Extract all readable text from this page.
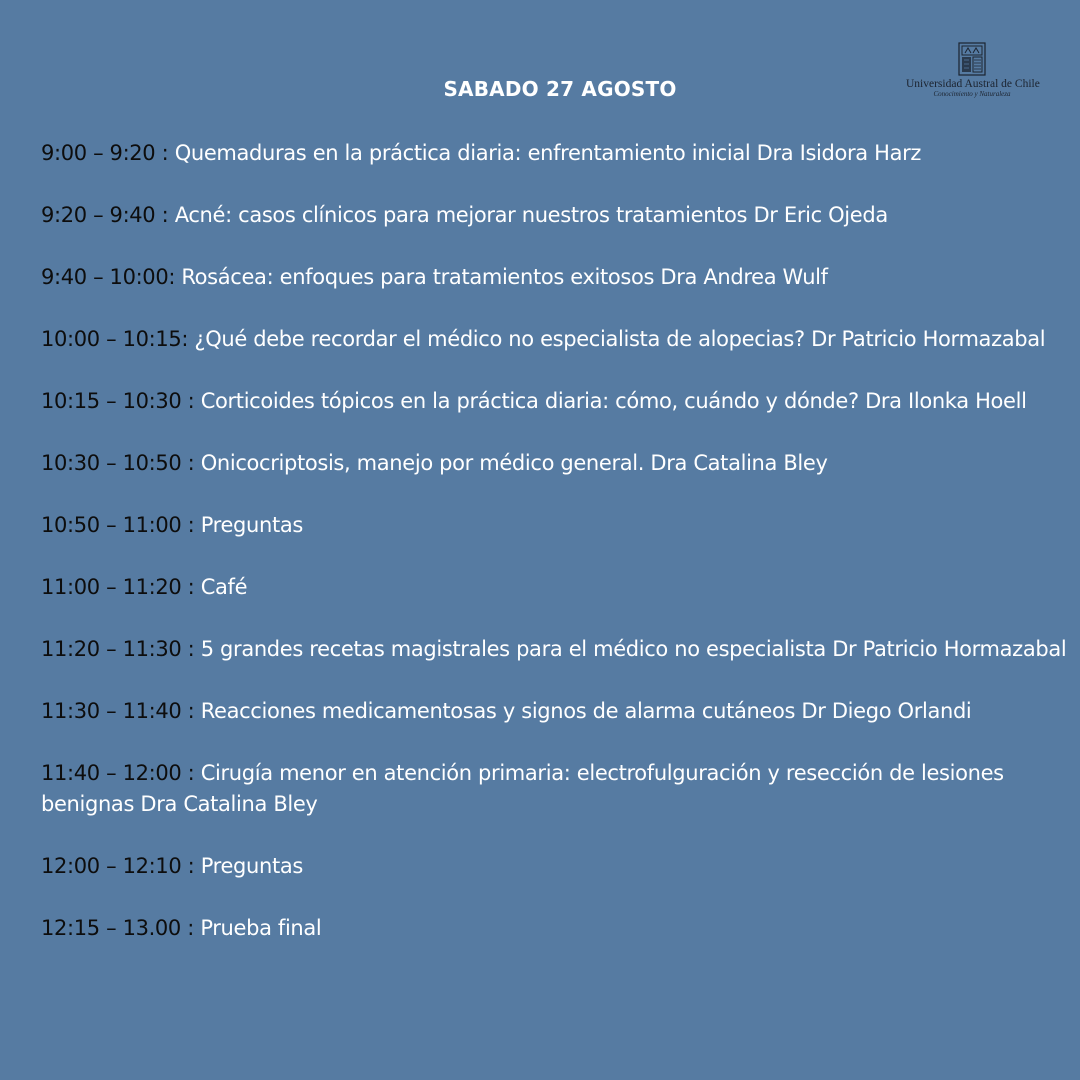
SABADO 27 AGOSTO	Universidad Austral de Chile
Conocimiento y Naturaleza
9:00 – 9:20 : Quemaduras en la práctica diaria: enfrentamiento inicial Dra Isidora Harz
9:20 – 9:40 : Acné: casos clínicos para mejorar nuestros tratamientos Dr Eric Ojeda
9:40 – 10:00: Rosácea: enfoques para tratamientos exitosos Dra Andrea Wulf
10:00 – 10:15: ¿Qué debe recordar el médico no especialista de alopecias? Dr Patricio Hormazabal
10:15 – 10:30 : Corticoides tópicos en la práctica diaria: cómo, cuándo y dónde? Dra Ilonka Hoell
10:30 – 10:50 : Onicocriptosis, manejo por médico general. Dra Catalina Bley
10:50 – 11:00 : Preguntas
11:00 – 11:20 : Café
11:20 – 11:30 : 5 grandes recetas magistrales para el médico no especialista Dr Patricio Hormazabal
11:30 – 11:40 : Reacciones medicamentosas y signos de alarma cutáneos Dr Diego Orlandi
11:40 – 12:00 : Cirugía menor en atención primaria: electrofulguración y resección de lesiones benignas Dra Catalina Bley
12:00 – 12:10 : Preguntas
12:15 – 13.00 : Prueba final
